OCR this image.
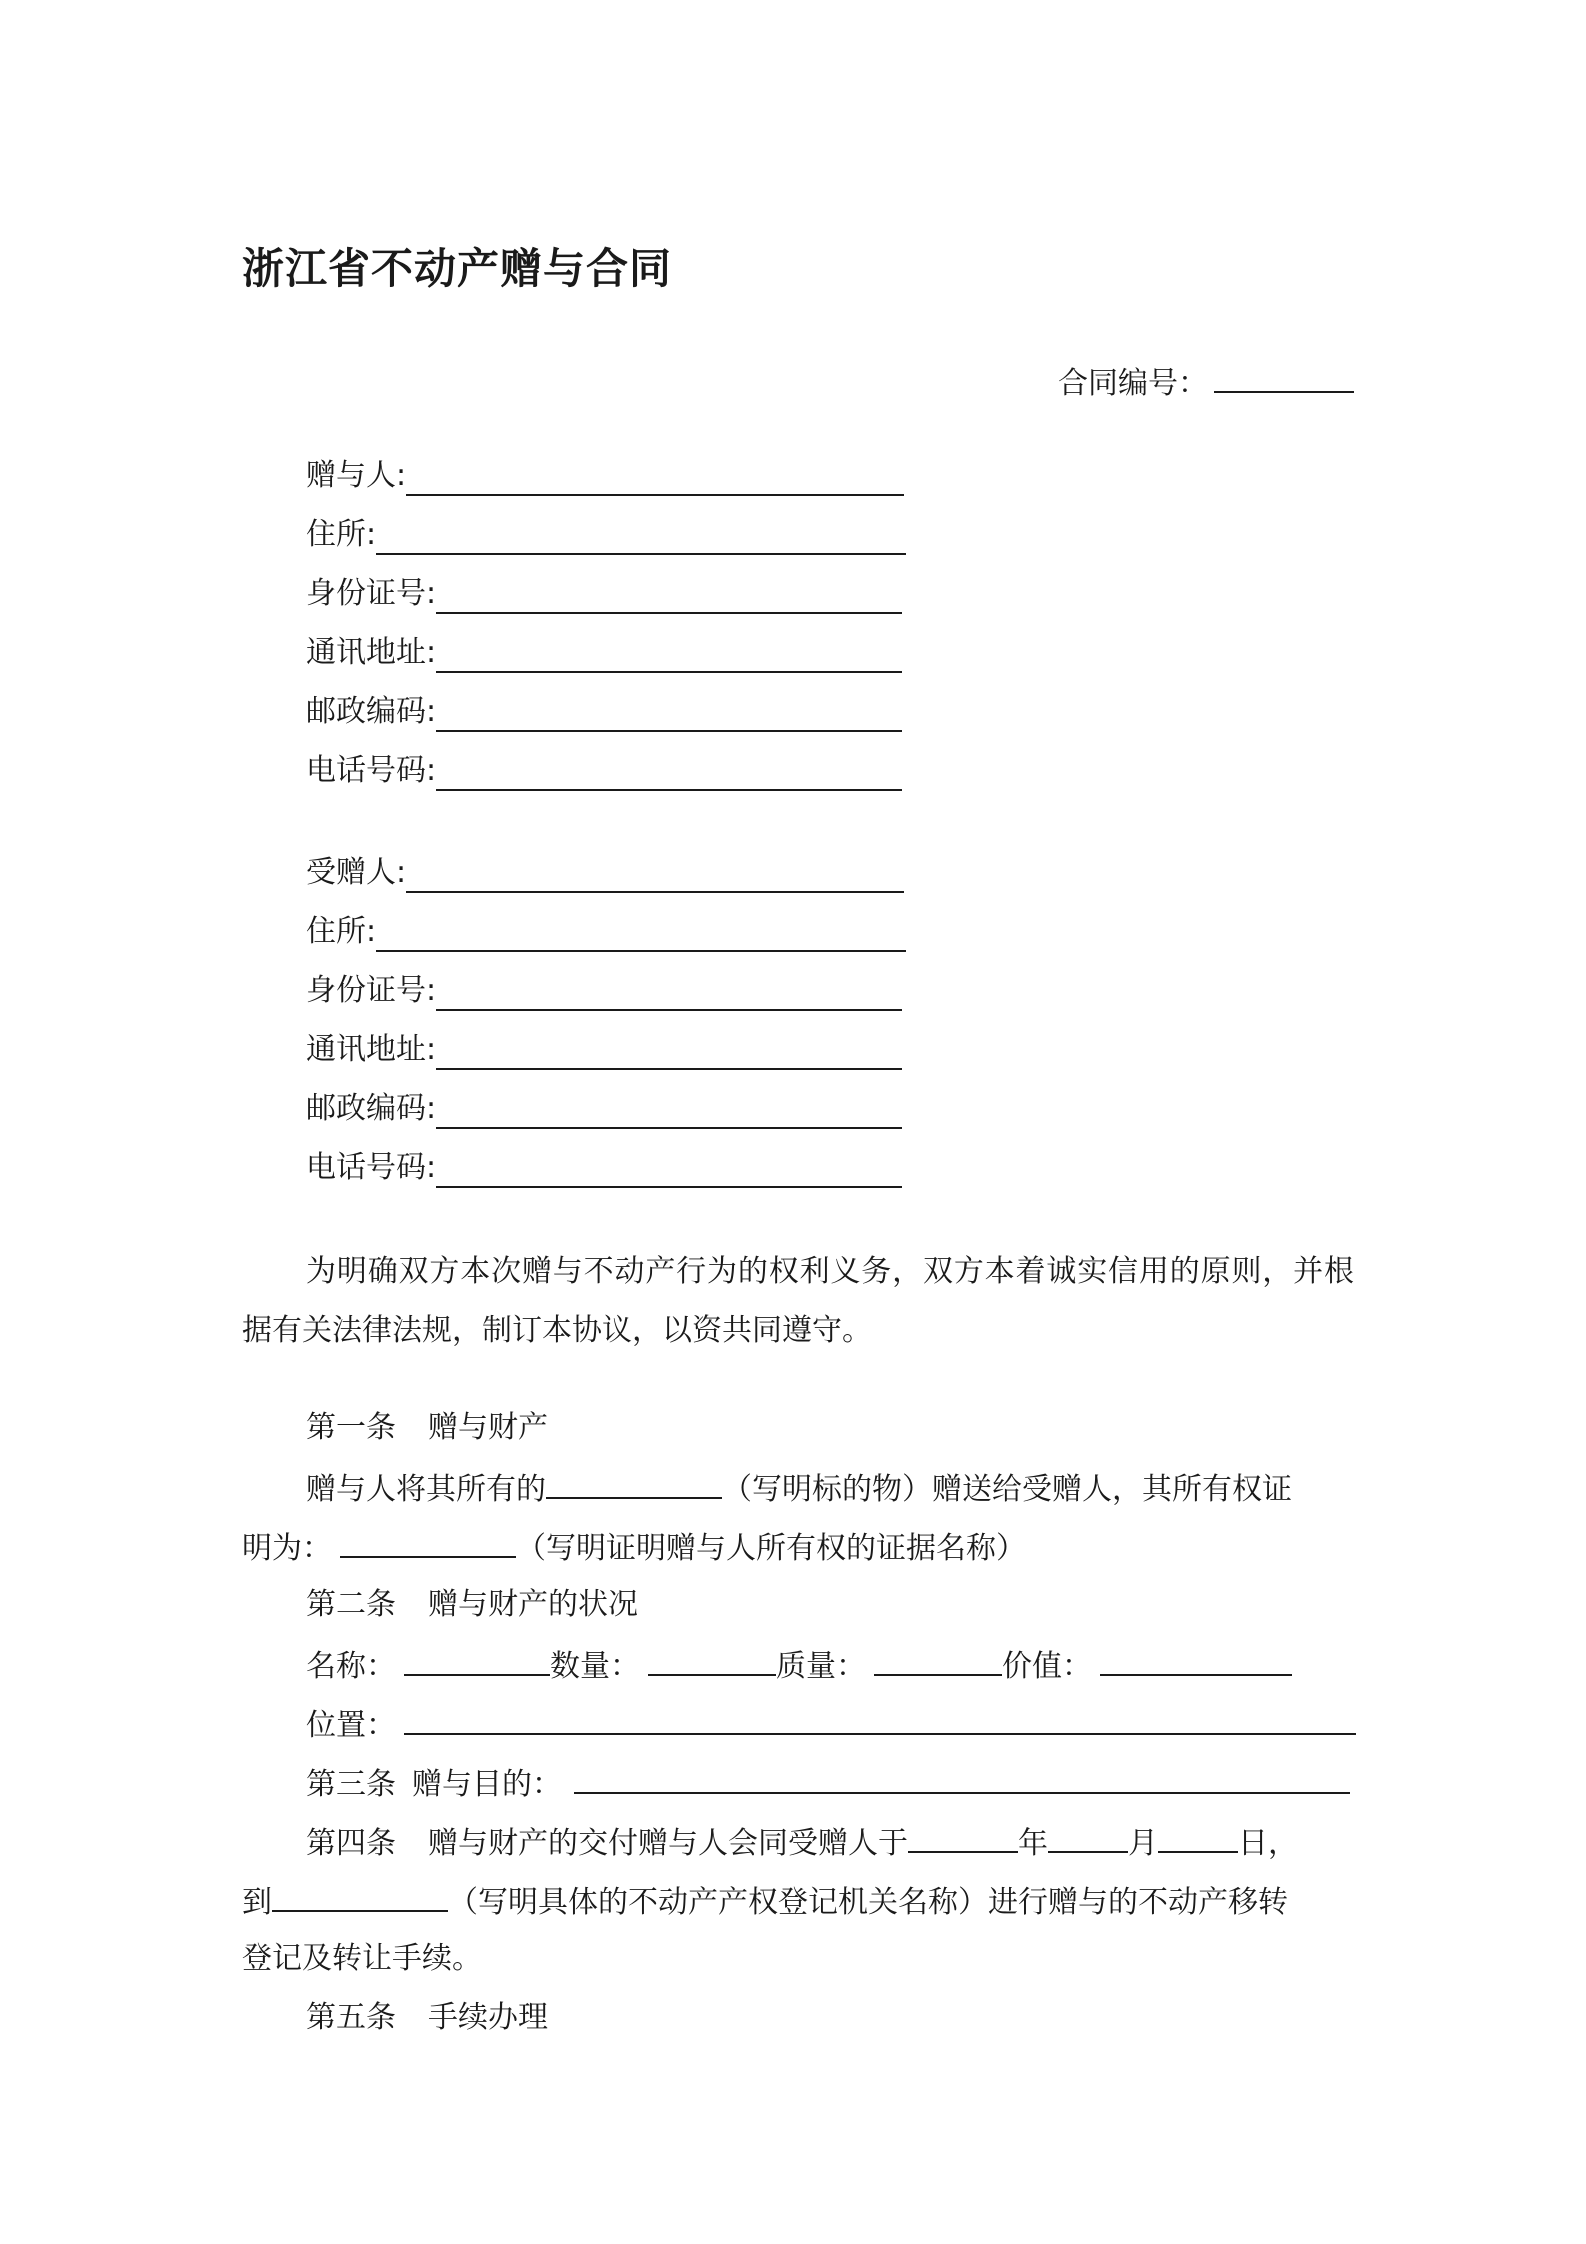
浙江省不动产赠与合同
合同编号：
赠与人:
住所:
身份证号:
通讯地址:
邮政编码:
电话号码:
受赠人:
住所:
身份证号:
通讯地址:
邮政编码:
电话号码:
为明确双方本次赠与不动产行为的权利义务，双方本着诚实信用的原则，并根据有关法律法规，制订本协议，以资共同遵守。
第一条 赠与财产
赠与人将其所有的	（写明标的物）赠送给受赠人，其所有权证
明为：	（写明证明赠与人所有权的证据名称）
第二条 赠与财产的状况
名称：	数量：	质量：	价值：
位置：
第三条 赠与目的：
第四条 赠与财产的交付赠与人会同受赠人于	年	月	日，
到	（写明具体的不动产产权登记机关名称）进行赠与的不动产移转
登记及转让手续。
第五条 手续办理
